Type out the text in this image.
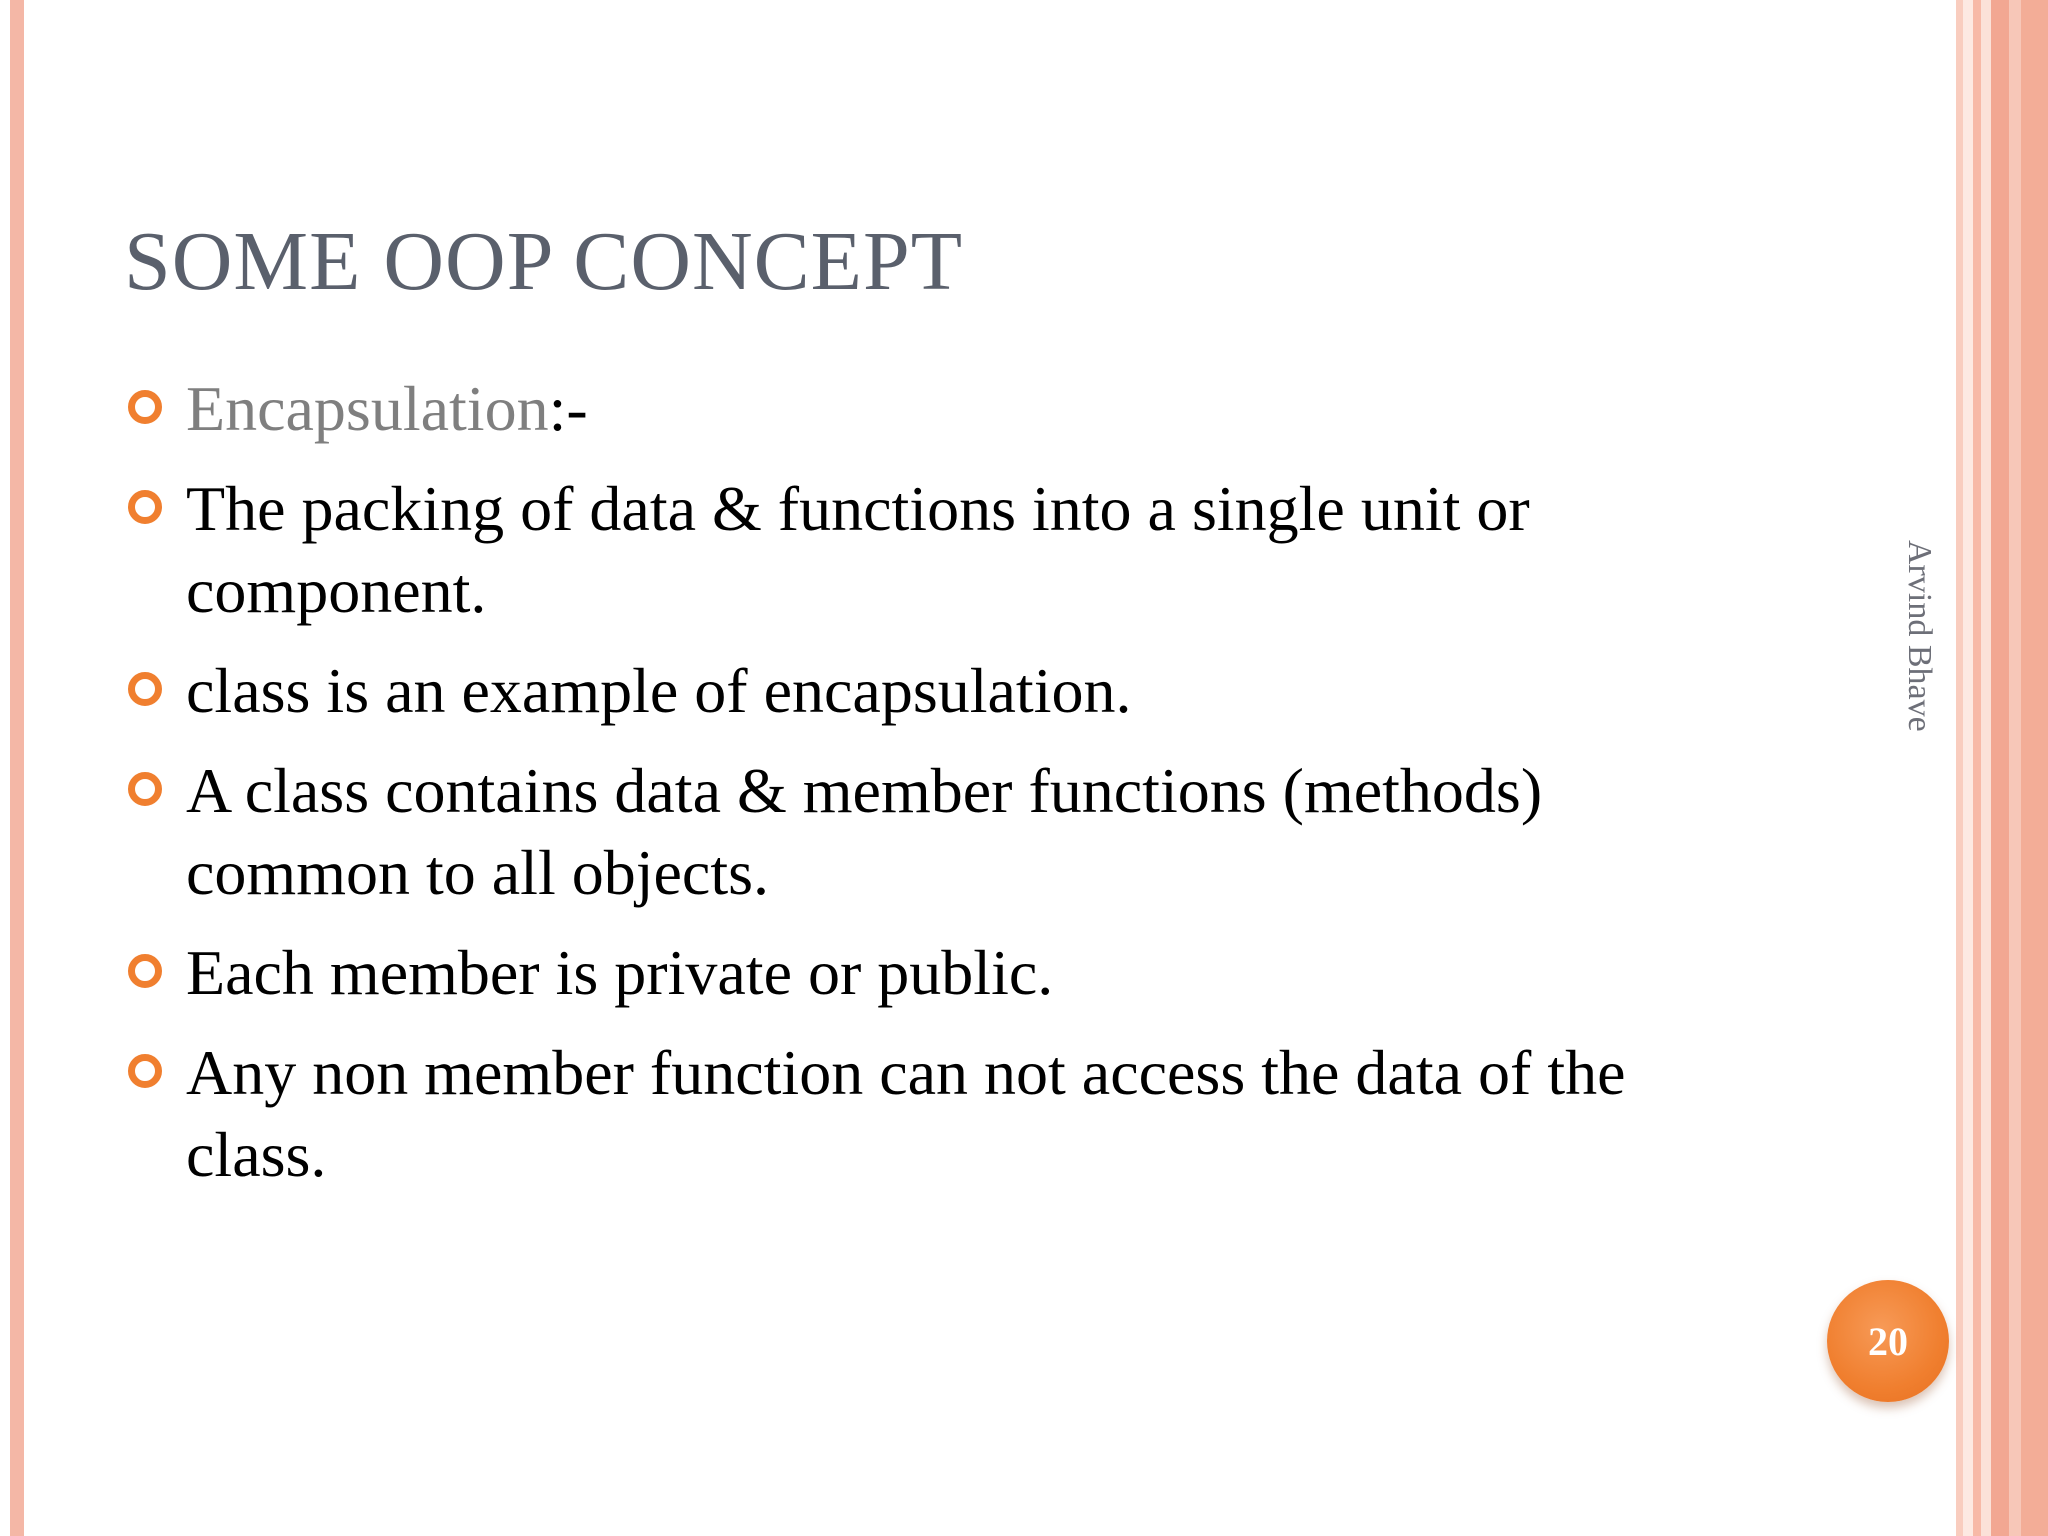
SOME OOP CONCEPT
Encapsulation:-
The packing of data & functions into a single unit or component.
class is an example of encapsulation.
A class contains data & member functions (methods) common to all objects.
Each member is private or public.
Any non member function can not access the data of the class.
Arvind Bhave
20
